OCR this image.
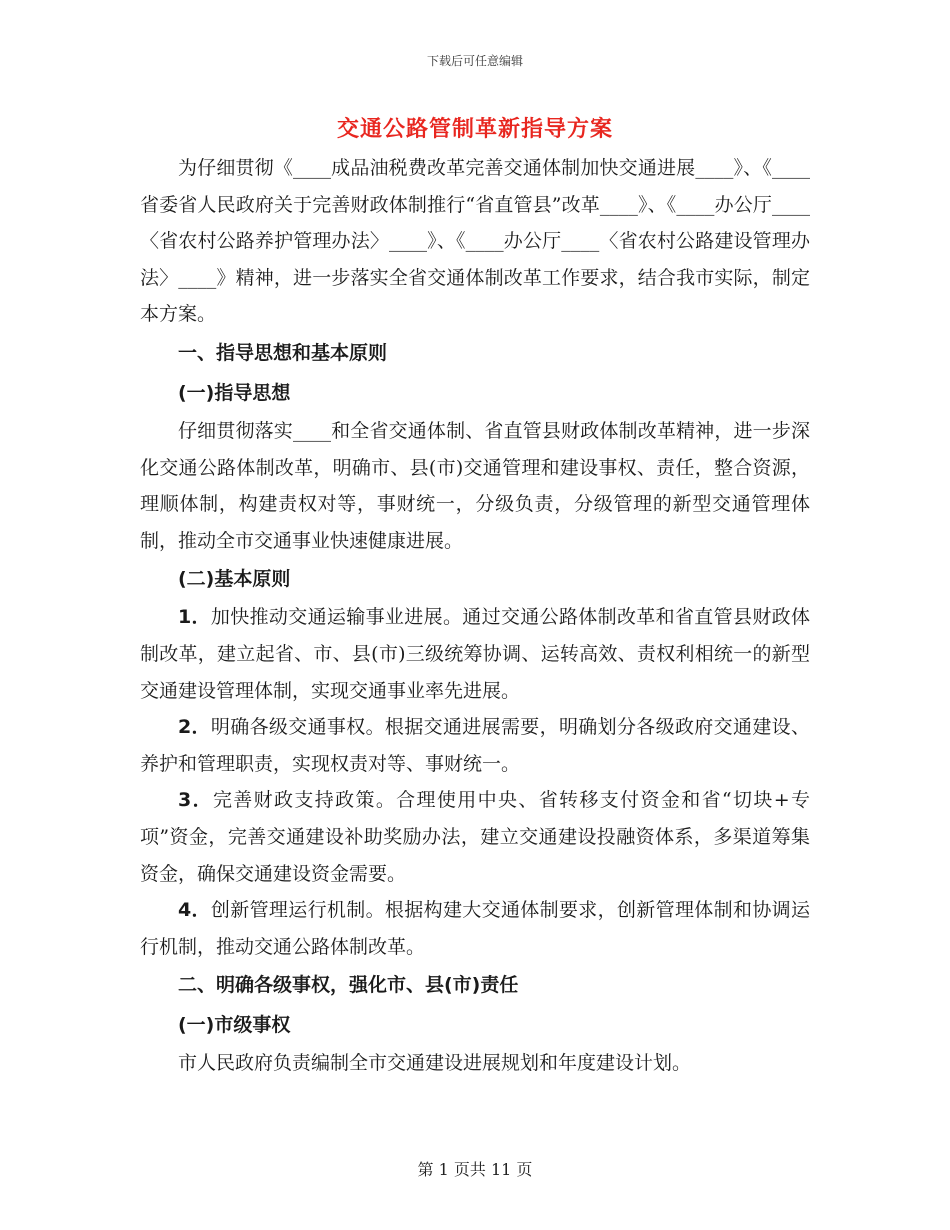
下载后可任意编辑
交通公路管制革新指导方案

为仔细贯彻《____成品油税费改革完善交通体制加快交通进展____》、《____省委省人民政府关于完善财政体制推行“省直管县”改革____》、《____办公厅____〈省农村公路养护管理办法〉____》、《____办公厅____〈省农村公路建设管理办法〉____》精神，进一步落实全省交通体制改革工作要求，结合我市实际，制定本方案。

一、指导思想和基本原则

(一)指导思想

仔细贯彻落实____和全省交通体制、省直管县财政体制改革精神，进一步深化交通公路体制改革，明确市、县(市)交通管理和建设事权、责任，整合资源，理顺体制，构建责权对等，事财统一，分级负责，分级管理的新型交通管理体制，推动全市交通事业快速健康进展。

(二)基本原则

1．加快推动交通运输事业进展。通过交通公路体制改革和省直管县财政体制改革，建立起省、市、县(市)三级统筹协调、运转高效、责权利相统一的新型交通建设管理体制，实现交通事业率先进展。

2．明确各级交通事权。根据交通进展需要，明确划分各级政府交通建设、养护和管理职责，实现权责对等、事财统一。

3．完善财政支持政策。合理使用中央、省转移支付资金和省“切块+专项”资金，完善交通建设补助奖励办法，建立交通建设投融资体系，多渠道筹集资金，确保交通建设资金需要。

4．创新管理运行机制。根据构建大交通体制要求，创新管理体制和协调运行机制，推动交通公路体制改革。

二、明确各级事权，强化市、县(市)责任

(一)市级事权

市人民政府负责编制全市交通建设进展规划和年度建设计划。

第 1 页共 11 页
